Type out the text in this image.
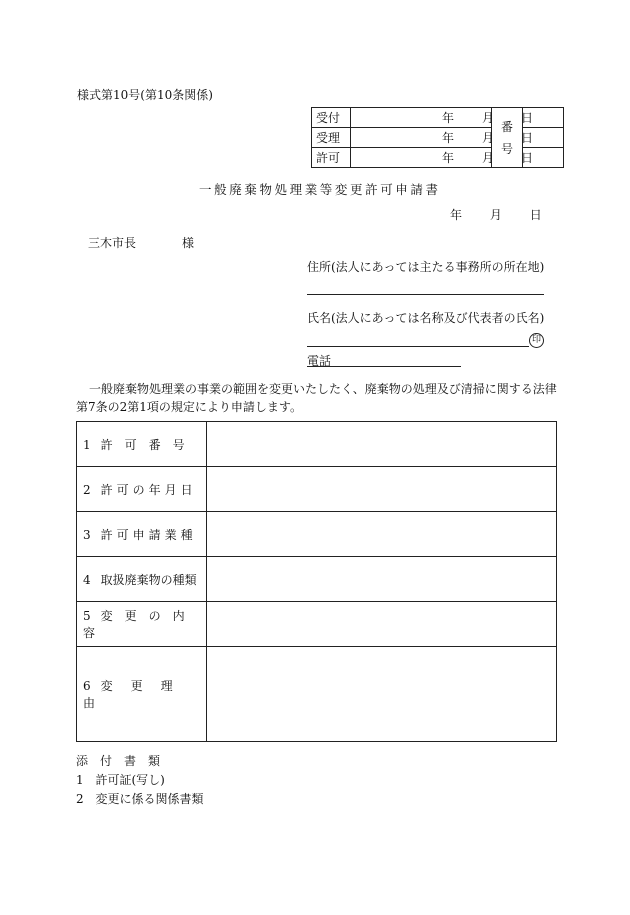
様式第10号(第10条関係)
受付	年 月 日	番
号	

受理	年 月 日		
許可	年 月 日		
一般廃棄物処理業等変更許可申請書
年 月 日
三木市長	様
住所(法人にあっては主たる事務所の所在地)
氏名(法人にあっては名称及び代表者の氏名)
印
電話
一般廃棄物処理業の事業の範囲を変更いたしたく、廃棄物の処理及び清掃に関する法律
第7条の2第1項の規定により申請します。
1 許　可　番　号	

2 許可の年月日	

3 許可申請業種	

4 取扱廃棄物の種類	

5 変　更　の　内　容	

6 変　更　理　由	

添　付　書　類
1 許可証(写し)
2 変更に係る関係書類
